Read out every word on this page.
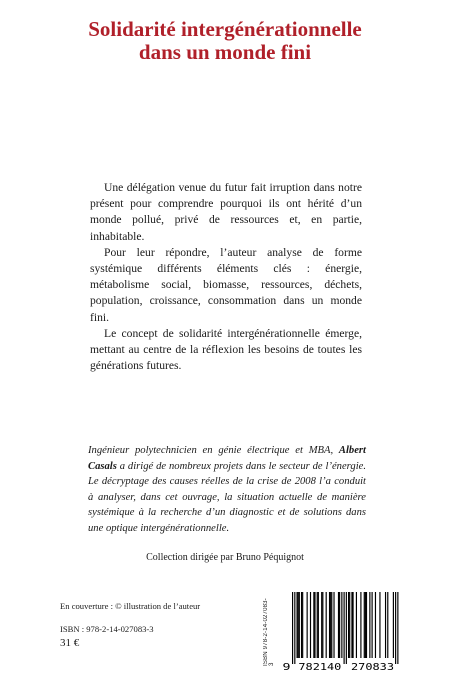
Solidarité intergénérationnelle
dans un monde fini

Une délégation venue du futur fait irruption dans notre présent pour comprendre pourquoi ils ont hérité d’un monde pollué, privé de ressources et, en partie, inhabitable.

Pour leur répondre, l’auteur analyse de forme systémique différents éléments clés : énergie, métabolisme social, biomasse, ressources, déchets, population, croissance, consommation dans un monde fini.

Le concept de solidarité intergénérationnelle émerge, mettant au centre de la réflexion les besoins de toutes les générations futures.

Ingénieur polytechnicien en génie électrique et MBA, Albert Casals a dirigé de nombreux projets dans le secteur de l’énergie. Le décryptage des causes réelles de la crise de 2008 l’a conduit à analyser, dans cet ouvrage, la situation actuelle de manière systémique à la recherche d’un diagnostic et de solutions dans une optique intergénérationnelle.
Collection dirigée par Bruno Péquignot
En couverture : © illustration de l’auteur
ISBN : 978-2-14-027083-3
31 €	ISBN 978-2-14-027083-3 9 782140 270833
